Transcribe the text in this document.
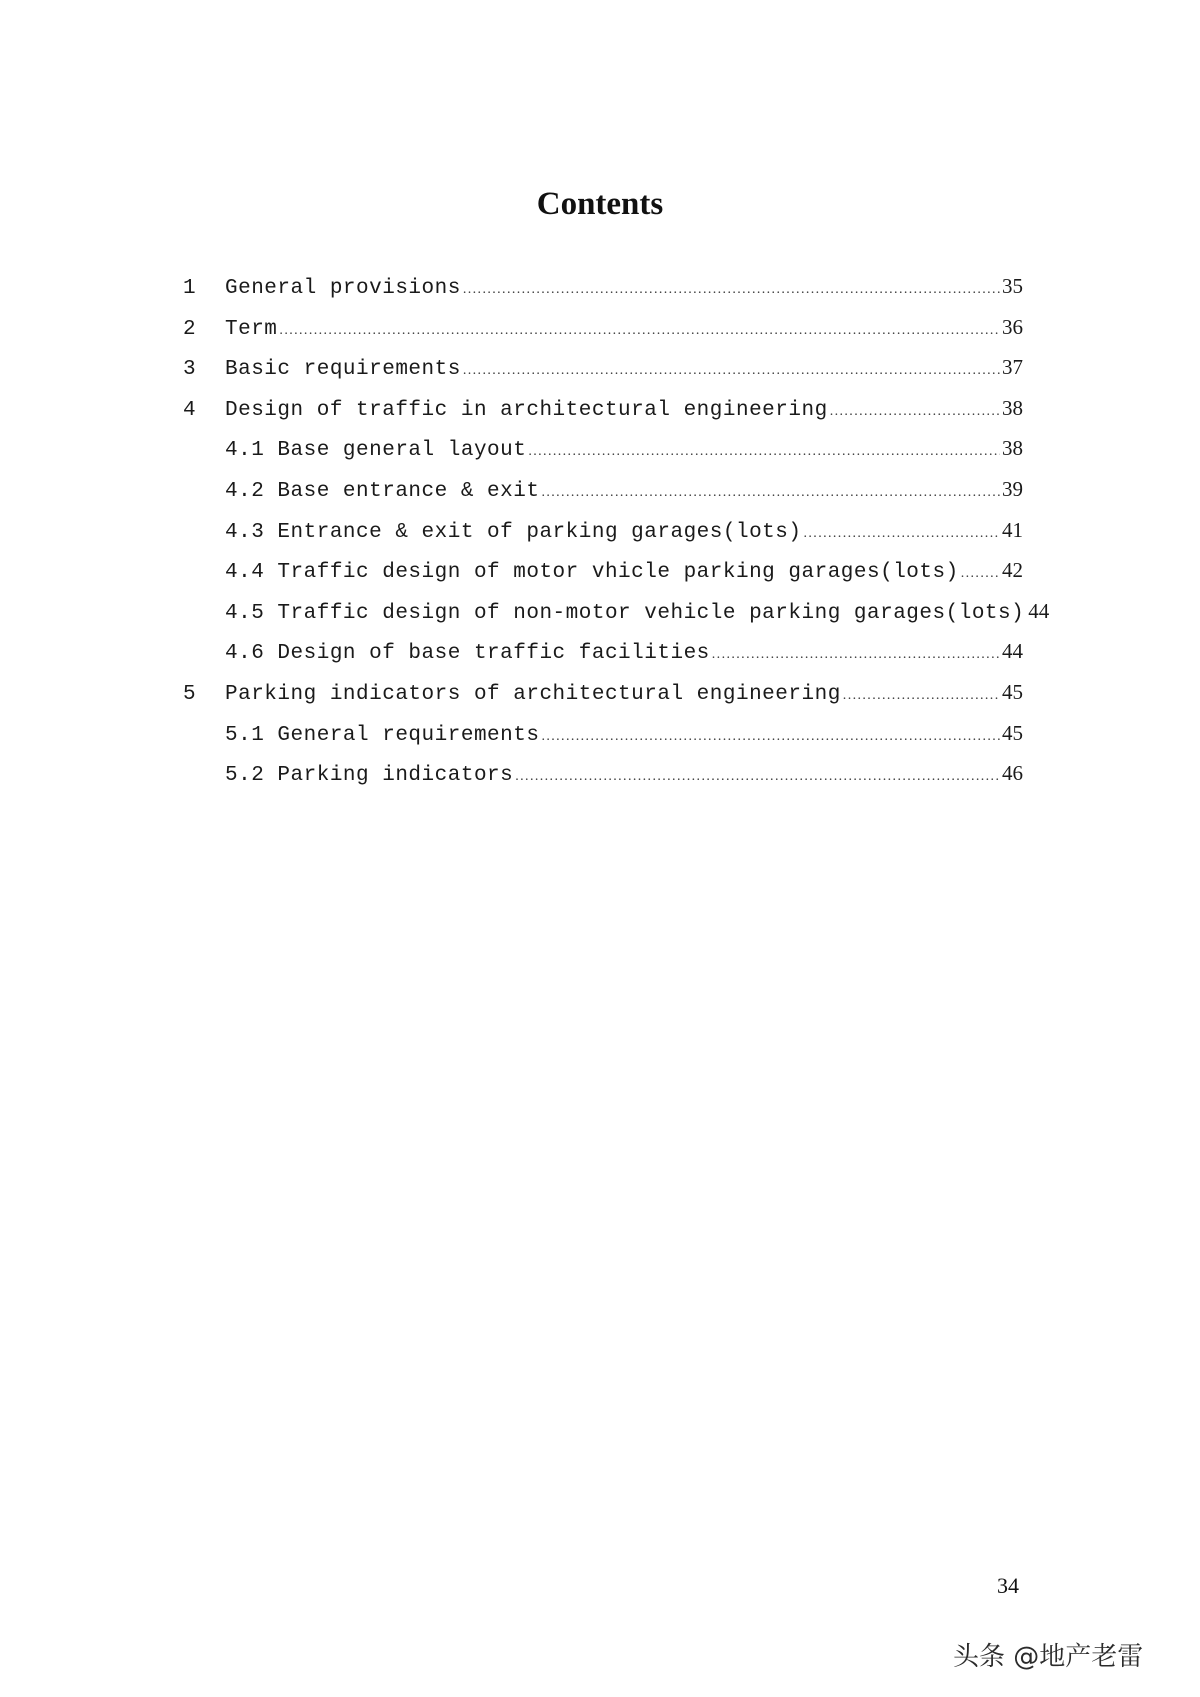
Contents
1	General provisions .....	35
2	Term .....	36
3	Basic requirements .....	37
4	Design of traffic in architectural engineering .....	38
4.1 Base general layout .....	38
4.2 Base entrance & exit .....	39
4.3 Entrance & exit of parking garages(lots) .....	41
4.4 Traffic design of motor vhicle parking garages(lots) ..... 42
4.5 Traffic design of non-motor vehicle parking garages(lots) 44
4.6 Design of base traffic facilities .....	44
5	Parking indicators of architectural engineering .....	45
5.1 General requirements .....	45
5.2 Parking indicators .....	46
34
头条 @地产老雷
